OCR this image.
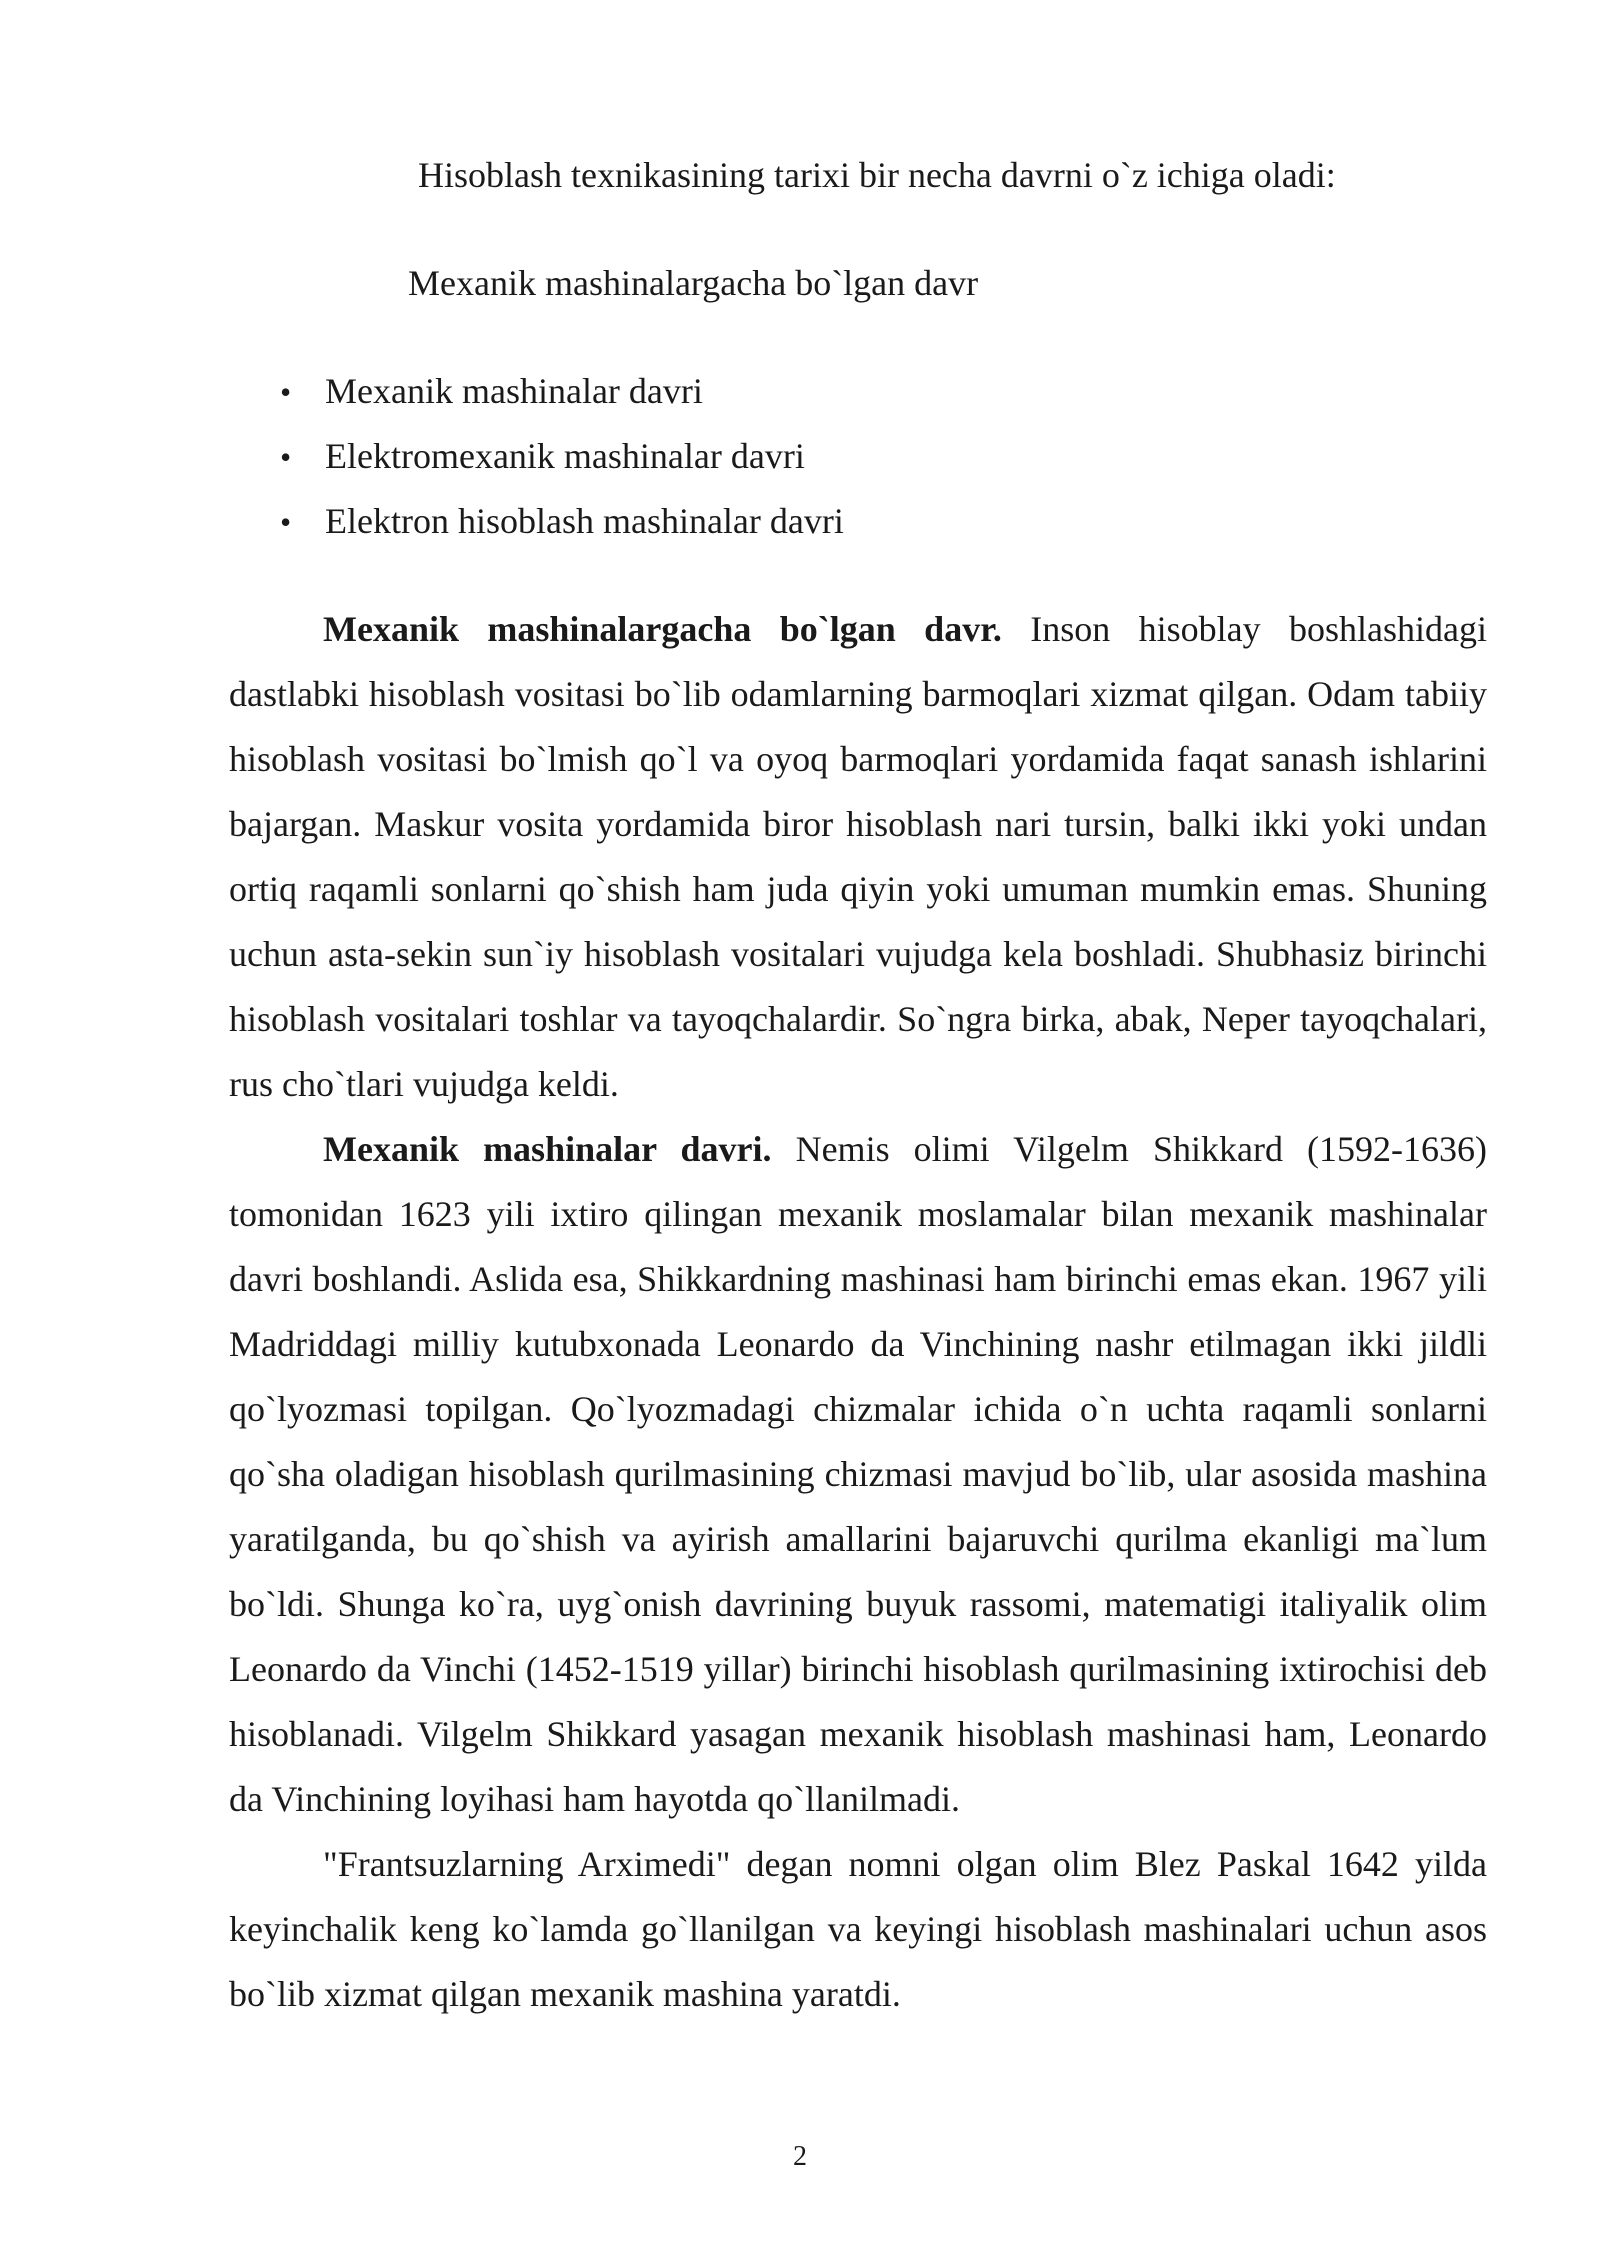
Hisoblash texnikasining tarixi bir necha davrni o`z ichiga oladi:
Mexanik mashinalargacha bo`lgan davr
• Mexanik mashinalar davri
• Elektromexanik mashinalar davri
• Elektron hisoblash mashinalar davri

Mexanik mashinalargacha bo`lgan davr. Inson hisoblay boshlashidagi dastlabki hisoblash vositasi bo`lib odamlarning barmoqlari xizmat qilgan. Odam tabiiy hisoblash vositasi bo`lmish qo`l va oyoq barmoqlari yordamida faqat sanash ishlarini bajargan. Maskur vosita yordamida biror hisoblash nari tursin, balki ikki yoki undan ortiq raqamli sonlarni qo`shish ham juda qiyin yoki umuman mumkin emas. Shuning uchun asta-sekin sun`iy hisoblash vositalari vujudga kela boshladi. Shubhasiz birinchi hisoblash vositalari toshlar va tayoqchalardir. So`ngra birka, abak, Neper tayoqchalari, rus cho`tlari vujudga keldi.

Mexanik mashinalar davri. Nemis olimi Vilgelm Shikkard (1592-1636) tomonidan 1623 yili ixtiro qilingan mexanik moslamalar bilan mexanik mashinalar davri boshlandi. Aslida esa, Shikkardning mashinasi ham birinchi emas ekan. 1967 yili Madriddagi milliy kutubxonada Leonardo da Vinchining nashr etilmagan ikki jildli qo`lyozmasi topilgan. Qo`lyozmadagi chizmalar ichida o`n uchta raqamli sonlarni qo`sha oladigan hisoblash qurilmasining chizmasi mavjud bo`lib, ular asosida mashina yaratilganda, bu qo`shish va ayirish amallarini bajaruvchi qurilma ekanligi ma`lum bo`ldi. Shunga ko`ra, uyg`onish davrining buyuk rassomi, matematigi italiyalik olim Leonardo da Vinchi (1452-1519 yillar) birinchi hisoblash qurilmasining ixtirochisi deb hisoblanadi. Vilgelm Shikkard yasagan mexanik hisoblash mashinasi ham, Leonardo da Vinchining loyihasi ham hayotda qo`llanilmadi.

"Frantsuzlarning Arximedi" degan nomni olgan olim Blez Paskal 1642 yilda keyinchalik keng ko`lamda go`llanilgan va keyingi hisoblash mashinalari uchun asos bo`lib xizmat qilgan mexanik mashina yaratdi.

2
